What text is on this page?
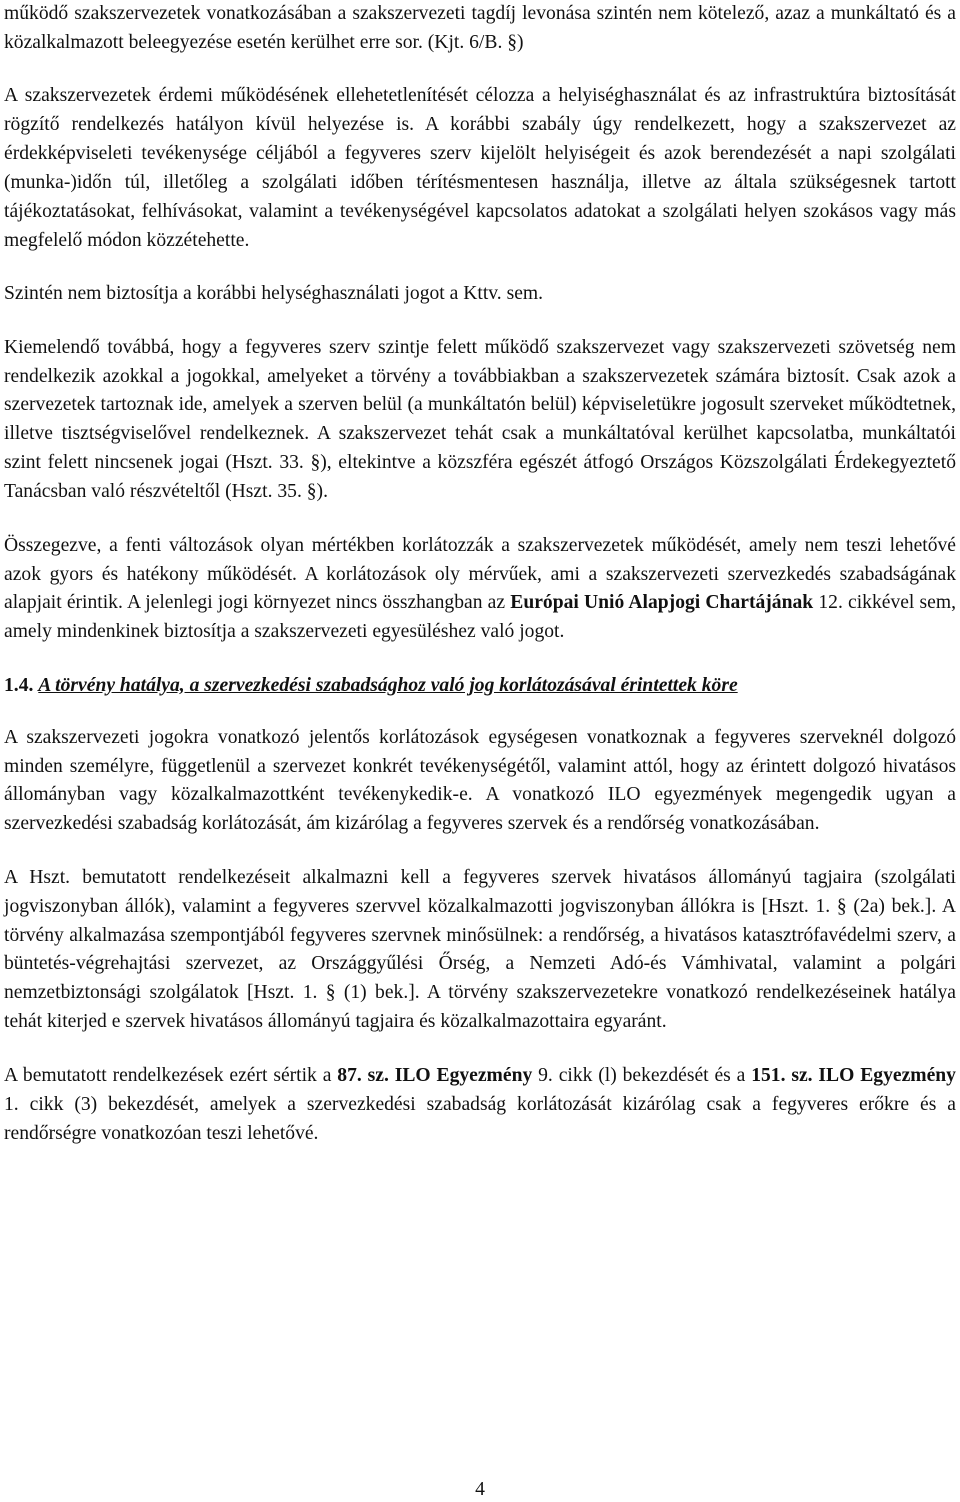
működő szakszervezetek vonatkozásában a szakszervezeti tagdíj levonása szintén nem kötelező, azaz a munkáltató és a közalkalmazott beleegyezése esetén kerülhet erre sor. (Kjt. 6/B. §)

A szakszervezetek érdemi működésének ellehetetlenítését célozza a helyiséghasználat és az infrastruktúra biztosítását rögzítő rendelkezés hatályon kívül helyezése is. A korábbi szabály úgy rendelkezett, hogy a szakszervezet az érdekképviseleti tevékenysége céljából a fegyveres szerv kijelölt helyiségeit és azok berendezését a napi szolgálati (munka-)időn túl, illetőleg a szolgálati időben térítésmentesen használja, illetve az általa szükségesnek tartott tájékoztatásokat, felhívásokat, valamint a tevékenységével kapcsolatos adatokat a szolgálati helyen szokásos vagy más megfelelő módon közzétehette.

Szintén nem biztosítja a korábbi helységhasználati jogot a Kttv. sem.

Kiemelendő továbbá, hogy a fegyveres szerv szintje felett működő szakszervezet vagy szakszervezeti szövetség nem rendelkezik azokkal a jogokkal, amelyeket a törvény a továbbiakban a szakszervezetek számára biztosít. Csak azok a szervezetek tartoznak ide, amelyek a szerven belül (a munkáltatón belül) képviseletükre jogosult szerveket működtetnek, illetve tisztségviselővel rendelkeznek. A szakszervezet tehát csak a munkáltatóval kerülhet kapcsolatba, munkáltatói szint felett nincsenek jogai (Hszt. 33. §), eltekintve a közszféra egészét átfogó Országos Közszolgálati Érdekegyeztető Tanácsban való részvételtől (Hszt. 35. §).

Összegezve, a fenti változások olyan mértékben korlátozzák a szakszervezetek működését, amely nem teszi lehetővé azok gyors és hatékony működését. A korlátozások oly mérvűek, ami a szakszervezeti szervezkedés szabadságának alapjait érintik. A jelenlegi jogi környezet nincs összhangban az Európai Unió Alapjogi Chartájának 12. cikkével sem, amely mindenkinek biztosítja a szakszervezeti egyesüléshez való jogot.

1.4. A törvény hatálya, a szervezkedési szabadsághoz való jog korlátozásával érintettek köre

A szakszervezeti jogokra vonatkozó jelentős korlátozások egységesen vonatkoznak a fegyveres szerveknél dolgozó minden személyre, függetlenül a szervezet konkrét tevékenységétől, valamint attól, hogy az érintett dolgozó hivatásos állományban vagy közalkalmazottként tevékenykedik-e. A vonatkozó ILO egyezmények megengedik ugyan a szervezkedési szabadság korlátozását, ám kizárólag a fegyveres szervek és a rendőrség vonatkozásában.

A Hszt. bemutatott rendelkezéseit alkalmazni kell a fegyveres szervek hivatásos állományú tagjaira (szolgálati jogviszonyban állók), valamint a fegyveres szervvel közalkalmazotti jogviszonyban állókra is [Hszt. 1. § (2a) bek.]. A törvény alkalmazása szempontjából fegyveres szervnek minősülnek: a rendőrség, a hivatásos katasztrófavédelmi szerv, a büntetés-végrehajtási szervezet, az Országgyűlési Őrség, a Nemzeti Adó-és Vámhivatal, valamint a polgári nemzetbiztonsági szolgálatok [Hszt. 1. § (1) bek.]. A törvény szakszervezetekre vonatkozó rendelkezéseinek hatálya tehát kiterjed e szervek hivatásos állományú tagjaira és közalkalmazottaira egyaránt.

A bemutatott rendelkezések ezért sértik a 87. sz. ILO Egyezmény 9. cikk (l) bekezdését és a 151. sz. ILO Egyezmény 1. cikk (3) bekezdését, amelyek a szervezkedési szabadság korlátozását kizárólag csak a fegyveres erőkre és a rendőrségre vonatkozóan teszi lehetővé.

4
